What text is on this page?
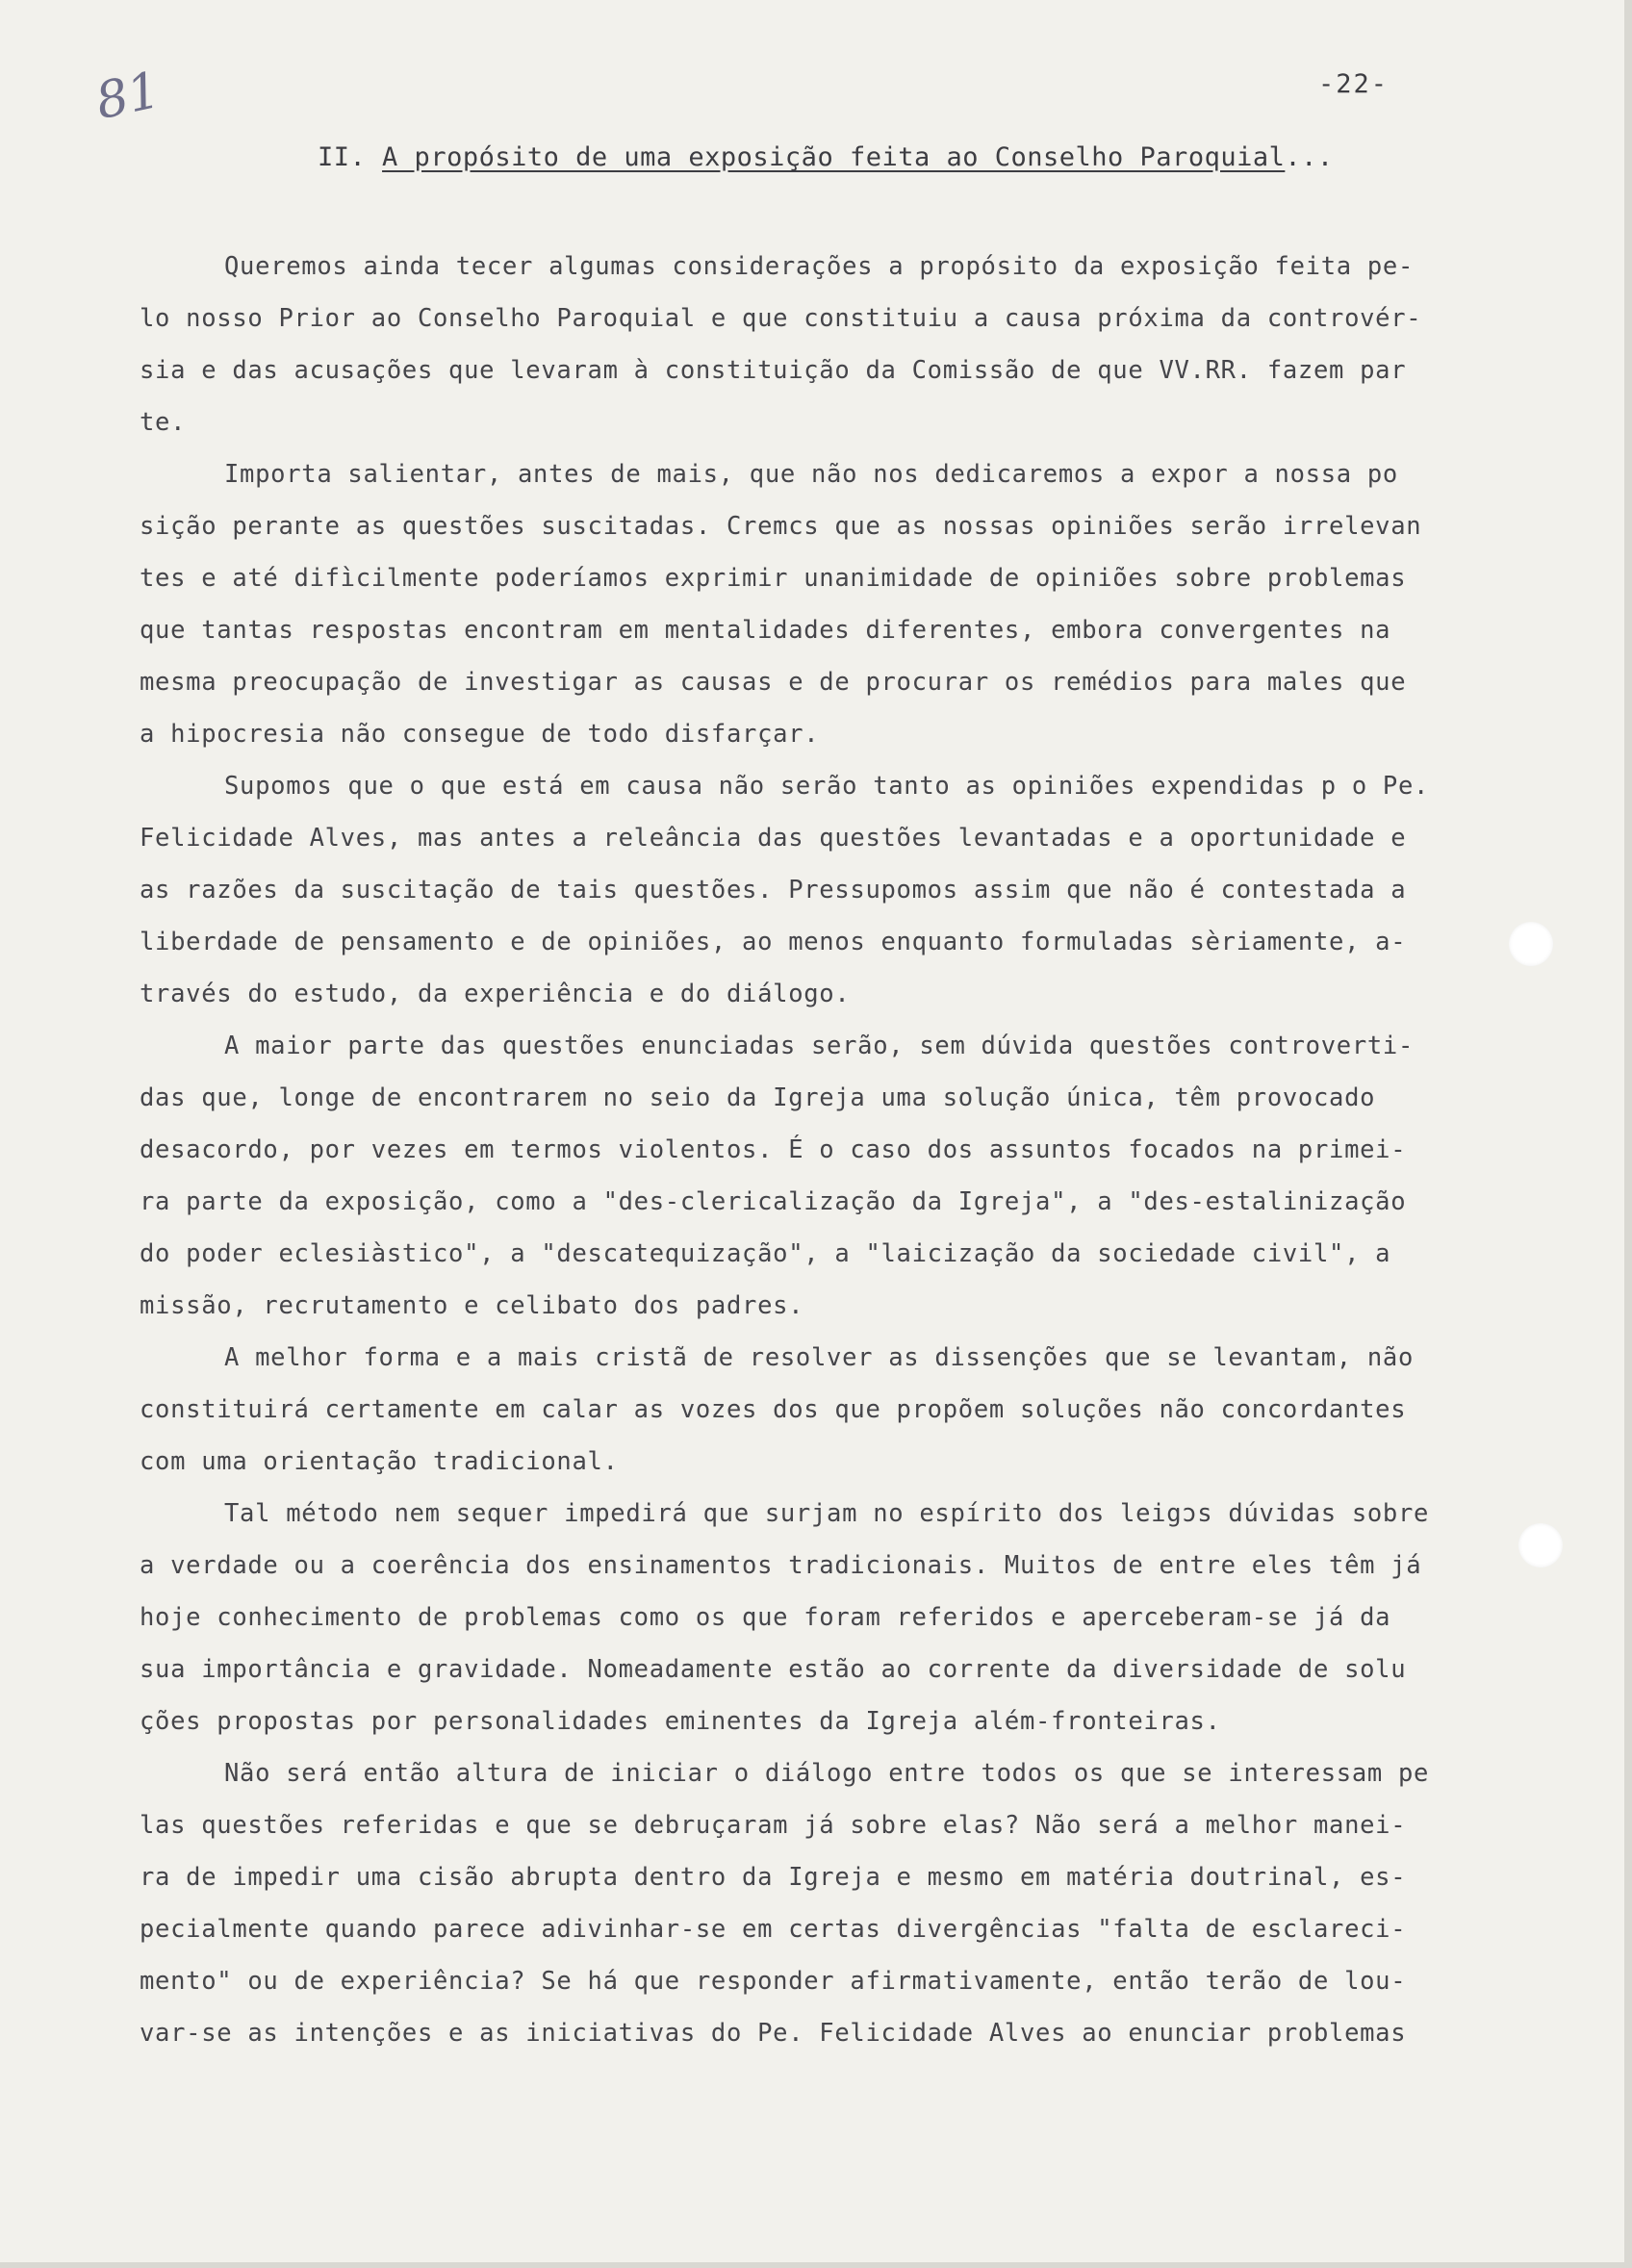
81	-22-
II. A propósito de uma exposição feita ao Conselho Paroquial...
Queremos ainda tecer algumas considerações a propósito da exposição feita pe-
lo nosso Prior ao Conselho Paroquial e que constituiu a causa próxima da controvér-
sia e das acusações que levaram à constituição da Comissão de que VV.RR. fazem par
te.
Importa salientar, antes de mais, que não nos dedicaremos a expor a nossa po
sição perante as questões suscitadas. Cremcs que as nossas opiniões serão irrelevan
tes e até difìcilmente poderíamos exprimir unanimidade de opiniões sobre problemas
que tantas respostas encontram em mentalidades diferentes, embora convergentes na
mesma preocupação de investigar as causas e de procurar os remédios para males que
a hipocresia não consegue de todo disfarçar.
Supomos que o que está em causa não serão tanto as opiniões expendidas p o Pe.
Felicidade Alves, mas antes a releância das questões levantadas e a oportunidade e
as razões da suscitação de tais questões. Pressupomos assim que não é contestada a
liberdade de pensamento e de opiniões, ao menos enquanto formuladas sèriamente, a-
través do estudo, da experiência e do diálogo.
A maior parte das questões enunciadas serão, sem dúvida questões controverti-
das que, longe de encontrarem no seio da Igreja uma solução única, têm provocado
desacordo, por vezes em termos violentos. É o caso dos assuntos focados na primei-
ra parte da exposição, como a "des-clericalização da Igreja", a "des-estalinização
do poder eclesiàstico", a "descatequização", a "laicização da sociedade civil", a
missão, recrutamento e celibato dos padres.
A melhor forma e a mais cristã de resolver as dissenções que se levantam, não
constituirá certamente em calar as vozes dos que propõem soluções não concordantes
com uma orientação tradicional.
Tal método nem sequer impedirá que surjam no espírito dos leigɔs dúvidas sobre
a verdade ou a coerência dos ensinamentos tradicionais. Muitos de entre eles têm já
hoje conhecimento de problemas como os que foram referidos e aperceberam-se já da
sua importância e gravidade. Nomeadamente estão ao corrente da diversidade de solu
ções propostas por personalidades eminentes da Igreja além-fronteiras.
Não será então altura de iniciar o diálogo entre todos os que se interessam pe
las questões referidas e que se debruçaram já sobre elas? Não será a melhor manei-
ra de impedir uma cisão abrupta dentro da Igreja e mesmo em matéria doutrinal, es-
pecialmente quando parece adivinhar-se em certas divergências "falta de esclareci-
mento" ou de experiência? Se há que responder afirmativamente, então terão de lou-
var-se as intenções e as iniciativas do Pe. Felicidade Alves ao enunciar problemas
